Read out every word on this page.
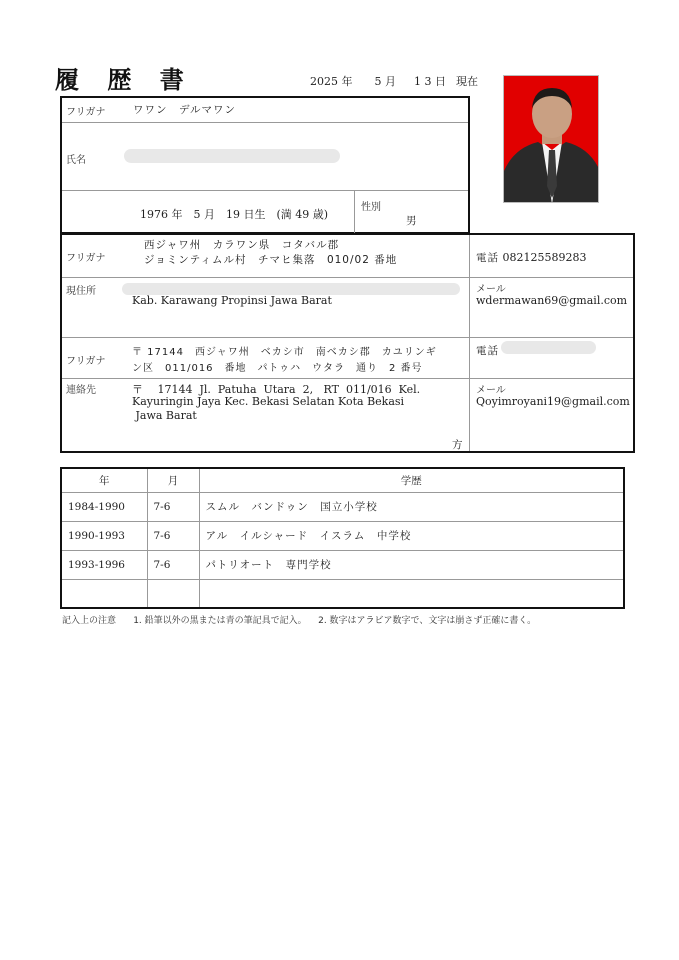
履 歴 書	2025 年 5 月 1 3 日 現在
フリガナ	ワワン　デルマワン
氏名
1976 年　5 月　19 日生　(満 49 歳)
性別
男
フリガナ
西ジャワ州　カラワン県　コタバル郡
ジョミンティムル村　チマヒ集落　010/02 番地
現住所
Kab. Karawang Propinsi Jawa Barat
電話 082125589283
メール
wdermawan69@gmail.com
フリガナ
〒 17144　西ジャワ州　ベカシ市　南ベカシ郡　カユリンギ
ン区　011/016　番地　パトゥハ　ウタラ　通り　2 番号
連絡先	〒　 17144  Jl.  Patuha  Utara  2,   RT  011/016  Kel.
Kayuringin Jaya Kec. Bekasi Selatan Kota Bekasi
Jawa Barat
方
電話
メール
Qoyimroyani19@gmail.com
年	月	学歴
1984-1990	7-6	スムル　バンドゥン　国立小学校
1990-1993	7-6	アル　イルシャード　イスラム　中学校
1993-1996	7-6	パトリオート　専門学校

記入上の注意 1. 鉛筆以外の黒または青の筆記具で記入。 2. 数字はアラビア数字で、文字は崩さず正確に書く。
